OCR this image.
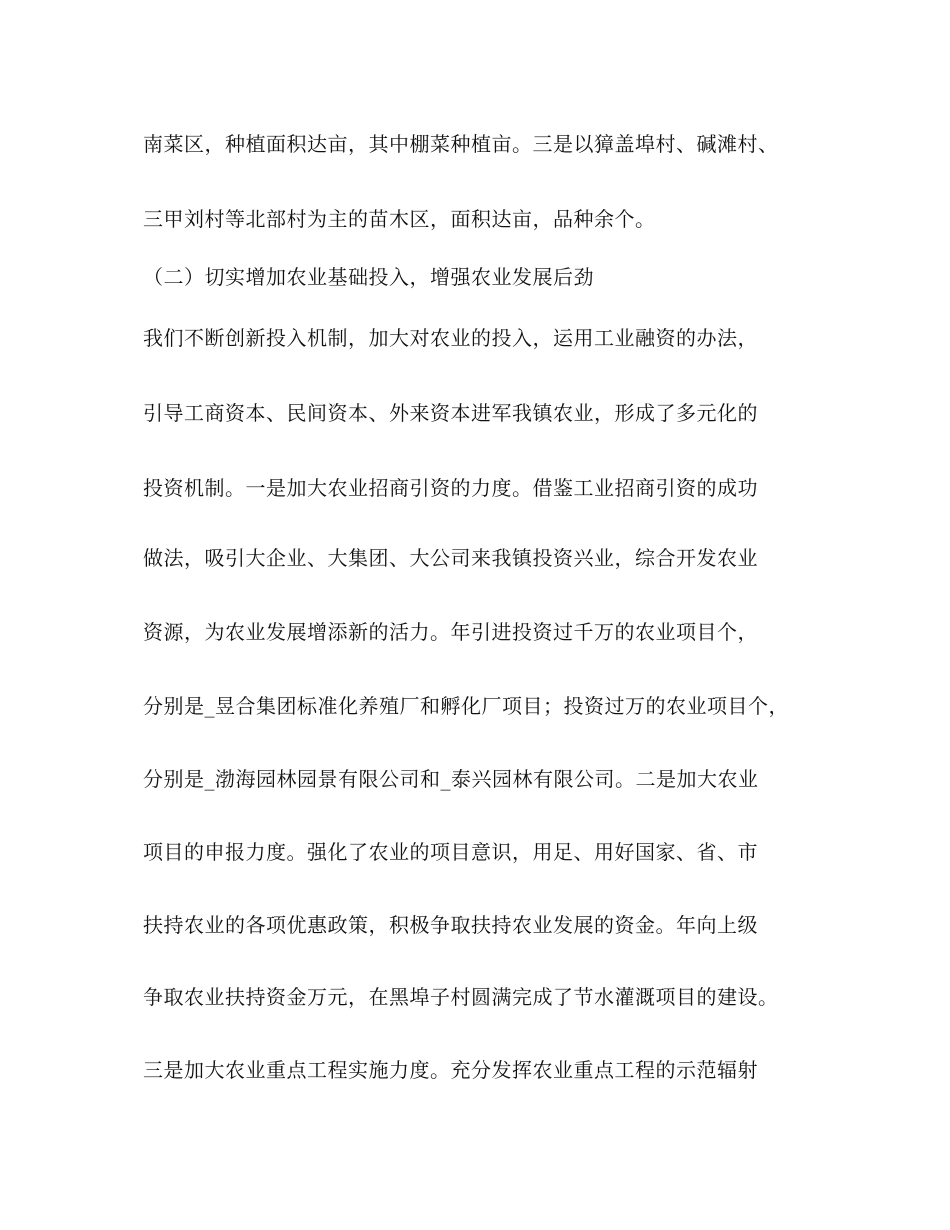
南菜区，种植面积达亩，其中棚菜种植亩。三是以獐盖埠村、碱滩村、
三甲刘村等北部村为主的苗木区，面积达亩，品种余个。
（二）切实增加农业基础投入，增强农业发展后劲
我们不断创新投入机制，加大对农业的投入，运用工业融资的办法，
引导工商资本、民间资本、外来资本进军我镇农业，形成了多元化的
投资机制。一是加大农业招商引资的力度。借鉴工业招商引资的成功
做法，吸引大企业、大集团、大公司来我镇投资兴业，综合开发农业
资源，为农业发展增添新的活力。年引进投资过千万的农业项目个，
分别是_昱合集团标准化养殖厂和孵化厂项目；投资过万的农业项目个，
分别是_渤海园林园景有限公司和_泰兴园林有限公司。二是加大农业
项目的申报力度。强化了农业的项目意识，用足、用好国家、省、市
扶持农业的各项优惠政策，积极争取扶持农业发展的资金。年向上级
争取农业扶持资金万元，在黑埠子村圆满完成了节水灌溉项目的建设。
三是加大农业重点工程实施力度。充分发挥农业重点工程的示范辐射
